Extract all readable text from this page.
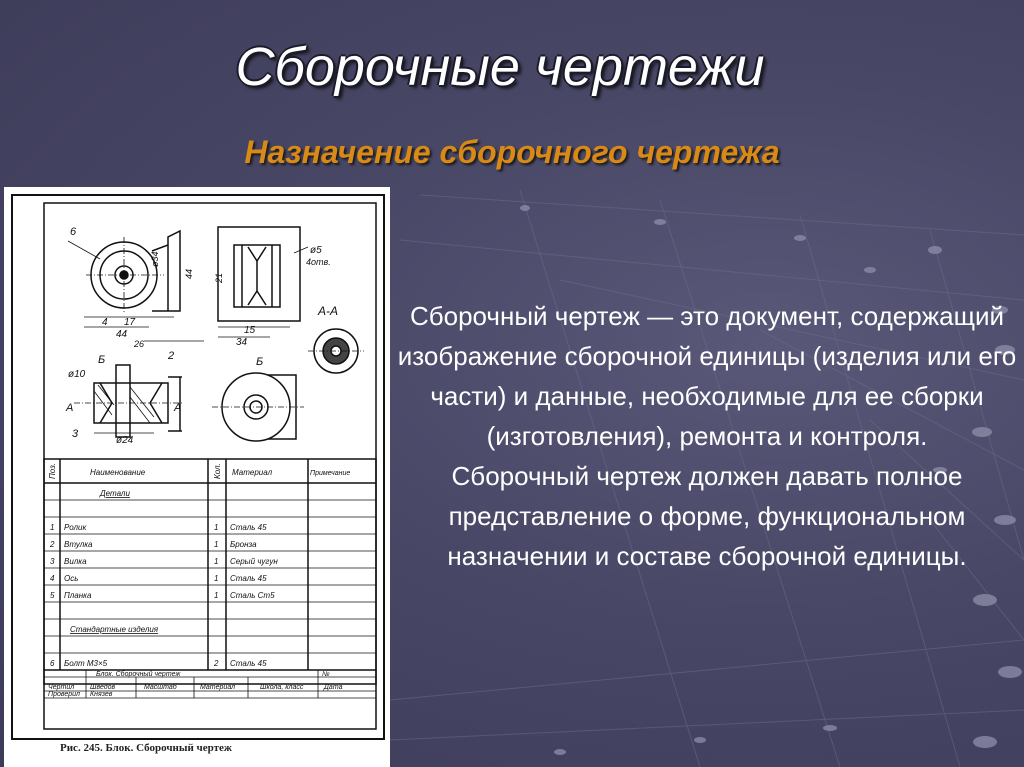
Сборочные чертежи
Назначение сборочного чертежа
6
4 17
44
ø34
44
ø5
4отв.
15
34
21
А-А
Б	2
26
ø10
3
ø24
А	А
Б
Поз.	Наименование	Кол. Материал	Примечание
Детали
1 Ролик	1 Сталь 45
2 Втулка	1 Бронза
3 Вилка	1 Серый чугун
4 Ось	1 Сталь 45
5 Планка	1 Сталь Ст5
Стандартные изделия
6 Болт М3×5	2 Сталь 45
Блок. Сборочный чертеж	№
Чертил Шведов	Масштаб	Материал	Школа, класс	Дата
Проверил Князев
Рис. 245. Блок. Сборочный чертеж

Сборочный чертеж — это документ, содержащий изображение сборочной единицы (изделия или его части) и данные, необходимые для ее сборки (изготовления), ремонта и контроля.

Сборочный чертеж должен давать полное представление о форме, функциональном назначении и составе сборочной единицы.
